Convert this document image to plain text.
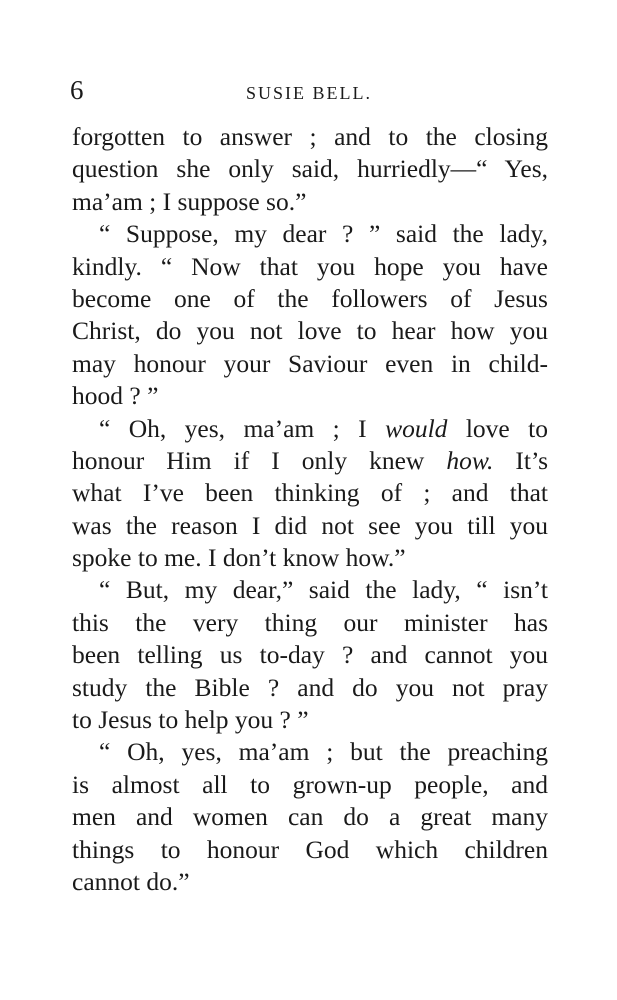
6	SUSIE BELL.
forgotten to answer ; and to the closing
question she only said, hurriedly—“ Yes,
ma’am ; I suppose so.”
“ Suppose, my dear ? ” said the lady,
kindly. “ Now that you hope you have
become one of the followers of Jesus
Christ, do you not love to hear how you
may honour your Saviour even in child-
hood ? ”
“ Oh, yes, ma’am ; I would love to
honour Him if I only knew how. It’s
what I’ve been thinking of ; and that
was the reason I did not see you till you
spoke to me. I don’t know how.”
“ But, my dear,” said the lady, “ isn’t
this the very thing our minister has
been telling us to-day ? and cannot you
study the Bible ? and do you not pray
to Jesus to help you ? ”
“ Oh, yes, ma’am ; but the preaching
is almost all to grown-up people, and
men and women can do a great many
things to honour God which children
cannot do.”
